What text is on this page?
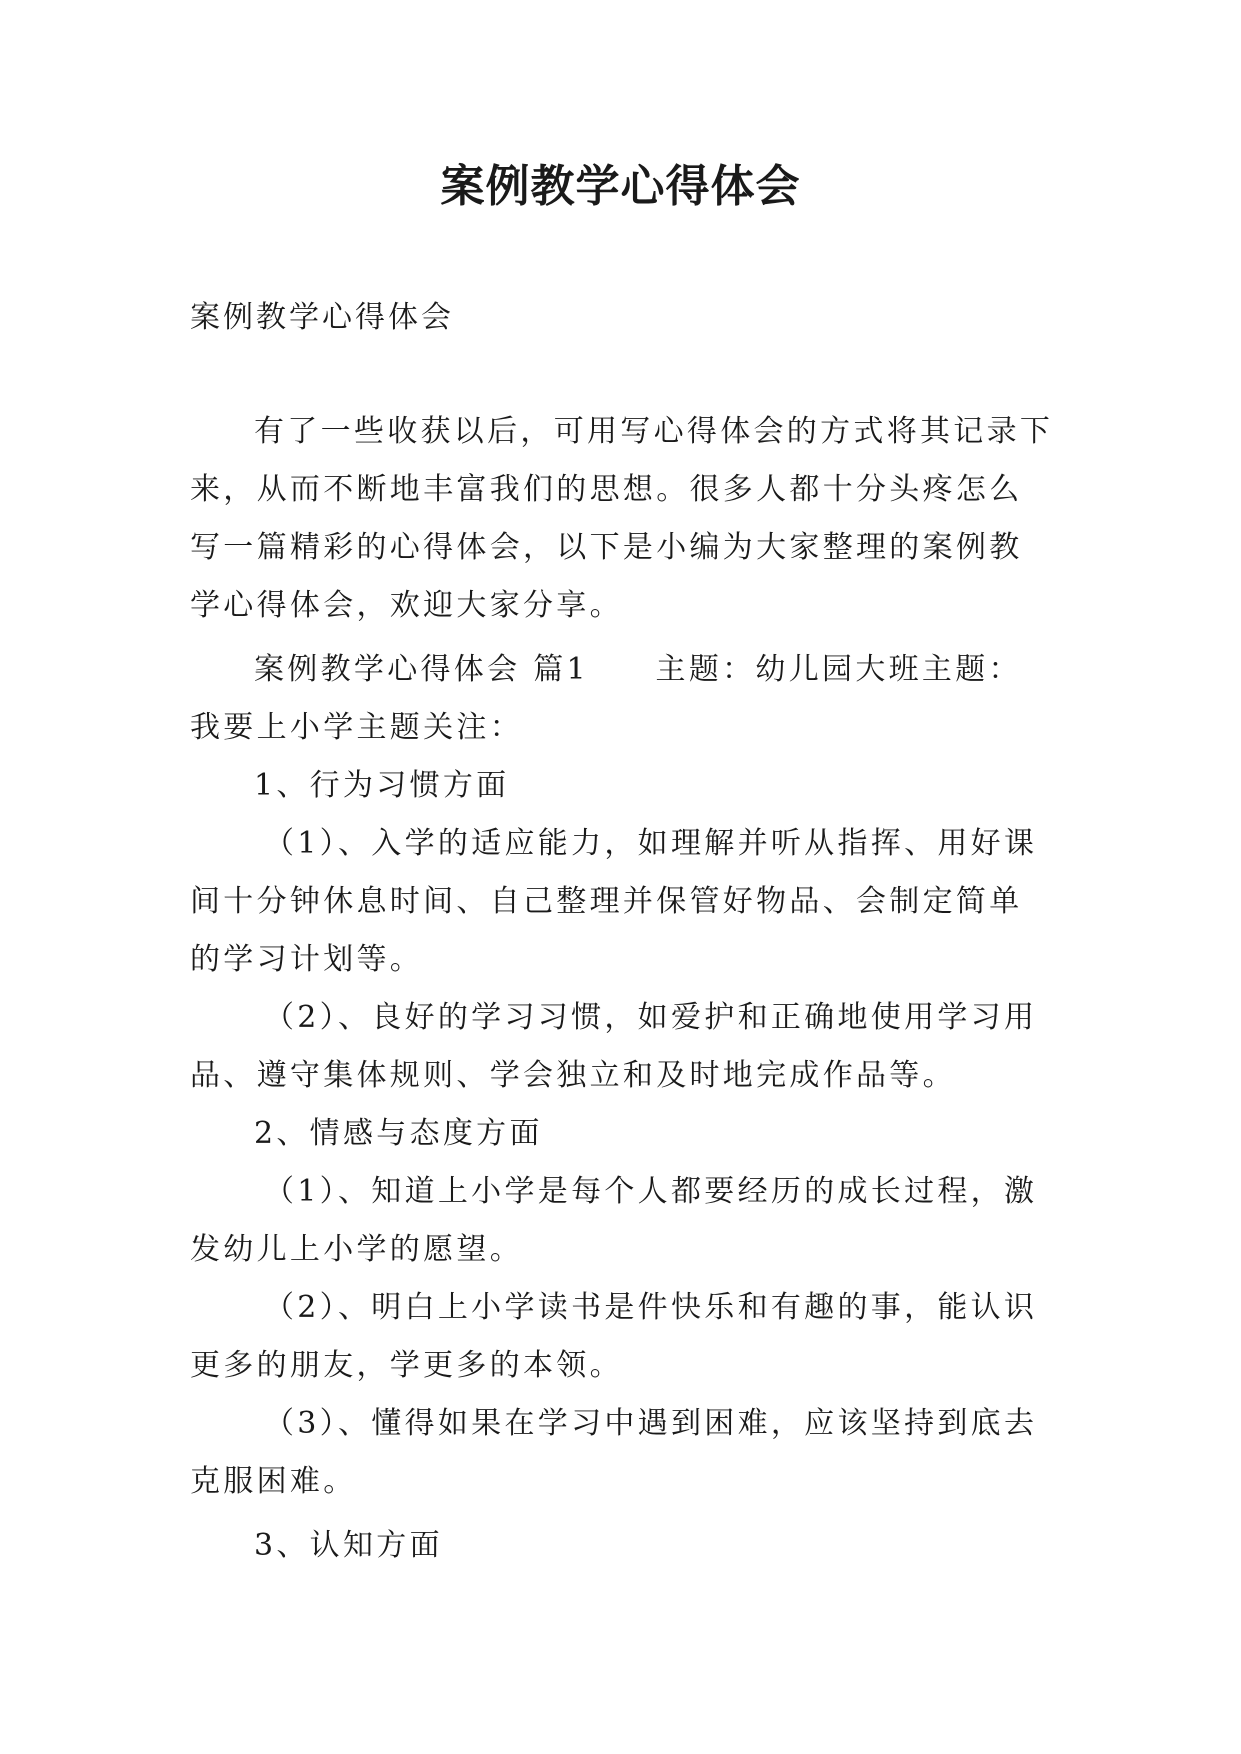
案例教学心得体会

案例教学心得体会

有了一些收获以后，可用写心得体会的方式将其记录下来，从而不断地丰富我们的思想。很多人都十分头疼怎么写一篇精彩的心得体会，以下是小编为大家整理的案例教学心得体会，欢迎大家分享。

案例教学心得体会 篇1　　主题：幼儿园大班主题：我要上小学主题关注：

1、行为习惯方面

（1）、入学的适应能力，如理解并听从指挥、用好课间十分钟休息时间、自己整理并保管好物品、会制定简单的学习计划等。

（2）、良好的学习习惯，如爱护和正确地使用学习用品、遵守集体规则、学会独立和及时地完成作品等。

2、情感与态度方面

（1）、知道上小学是每个人都要经历的成长过程，激发幼儿上小学的愿望。

（2）、明白上小学读书是件快乐和有趣的事，能认识更多的朋友，学更多的本领。

（3）、懂得如果在学习中遇到困难，应该坚持到底去克服困难。

3、认知方面
